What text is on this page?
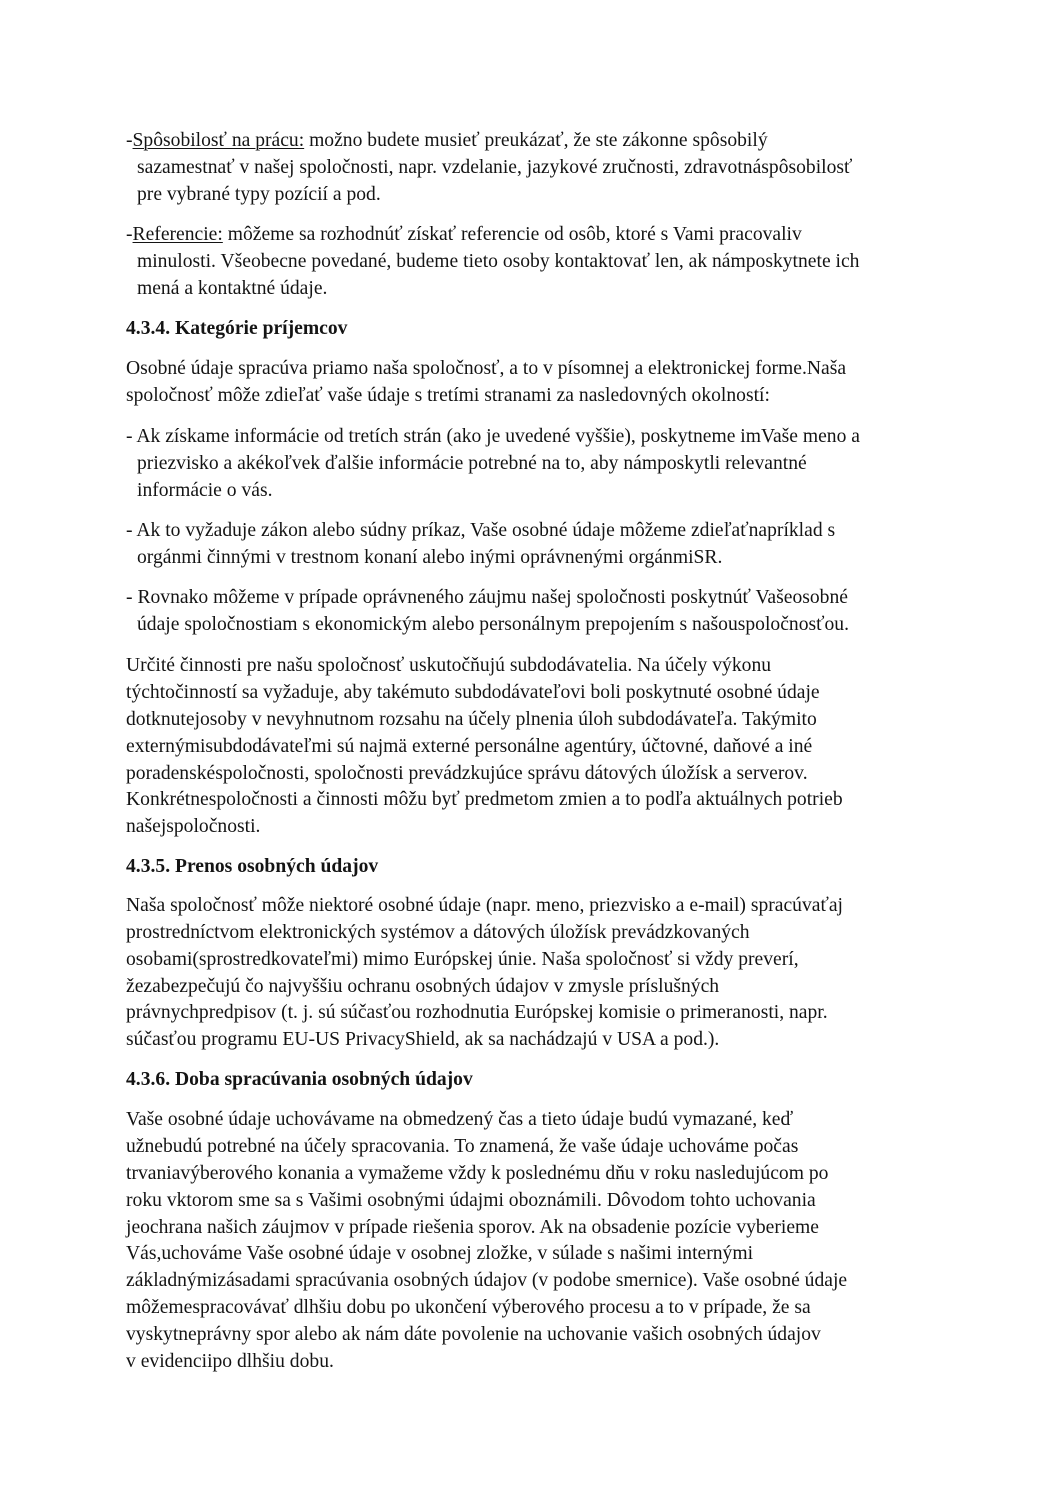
-Spôsobilosť na prácu: možno budete musieť preukázať, že ste zákonne spôsobilý
sazamestnať v našej spoločnosti, napr. vzdelanie, jazykové zručnosti, zdravotnáspôsobilosť
pre vybrané typy pozícií a pod.
-Referencie: môžeme sa rozhodnúť získať referencie od osôb, ktoré s Vami pracovaliv
minulosti. Všeobecne povedané, budeme tieto osoby kontaktovať len, ak námposkytnete ich
mená a kontaktné údaje.
4.3.4. Kategórie príjemcov
Osobné údaje spracúva priamo naša spoločnosť, a to v písomnej a elektronickej forme.Naša
spoločnosť môže zdieľať vaše údaje s tretími stranami za nasledovných okolností:
- Ak získame informácie od tretích strán (ako je uvedené vyššie), poskytneme imVaše meno a
priezvisko a akékoľvek ďalšie informácie potrebné na to, aby námposkytli relevantné
informácie o vás.
- Ak to vyžaduje zákon alebo súdny príkaz, Vaše osobné údaje môžeme zdieľaťnapríklad s
orgánmi činnými v trestnom konaní alebo inými oprávnenými orgánmiSR.
- Rovnako môžeme v prípade oprávneného záujmu našej spoločnosti poskytnúť Vašeosobné
údaje spoločnostiam s ekonomickým alebo personálnym prepojením s našouspoločnosťou.
Určité činnosti pre našu spoločnosť uskutočňujú subdodávatelia. Na účely výkonu
týchtočinností sa vyžaduje, aby takémuto subdodávateľovi boli poskytnuté osobné údaje
dotknutejosoby v nevyhnutnom rozsahu na účely plnenia úloh subdodávateľa. Takýmito
externýmisubdodávateľmi sú najmä externé personálne agentúry, účtovné, daňové a iné
poradenskéspoločnosti, spoločnosti prevádzkujúce správu dátových úložísk a serverov.
Konkrétnespoločnosti a činnosti môžu byť predmetom zmien a to podľa aktuálnych potrieb
našejspoločnosti.
4.3.5. Prenos osobných údajov
Naša spoločnosť môže niektoré osobné údaje (napr. meno, priezvisko a e-mail) spracúvaťaj
prostredníctvom elektronických systémov a dátových úložísk prevádzkovaných
osobami(sprostredkovateľmi) mimo Európskej únie. Naša spoločnosť si vždy preverí,
žezabezpečujú čo najvyššiu ochranu osobných údajov v zmysle príslušných
právnychpredpisov (t. j. sú súčasťou rozhodnutia Európskej komisie o primeranosti, napr.
súčasťou programu EU-US PrivacyShield, ak sa nachádzajú v USA a pod.).
4.3.6. Doba spracúvania osobných údajov
Vaše osobné údaje uchovávame na obmedzený čas a tieto údaje budú vymazané, keď
užnebudú potrebné na účely spracovania. To znamená, že vaše údaje uchováme počas
trvaniavýberového konania a vymažeme vždy k poslednému dňu v roku nasledujúcom po
roku vktorom sme sa s Vašimi osobnými údajmi oboznámili. Dôvodom tohto uchovania
jeochrana našich záujmov v prípade riešenia sporov. Ak na obsadenie pozície vyberieme
Vás,uchováme Vaše osobné údaje v osobnej zložke, v súlade s našimi internými
základnýmizásadami spracúvania osobných údajov (v podobe smernice). Vaše osobné údaje
môžemespracovávať dlhšiu dobu po ukončení výberového procesu a to v prípade, že sa
vyskytneprávny spor alebo ak nám dáte povolenie na uchovanie vašich osobných údajov
v evidenciipo dlhšiu dobu.
